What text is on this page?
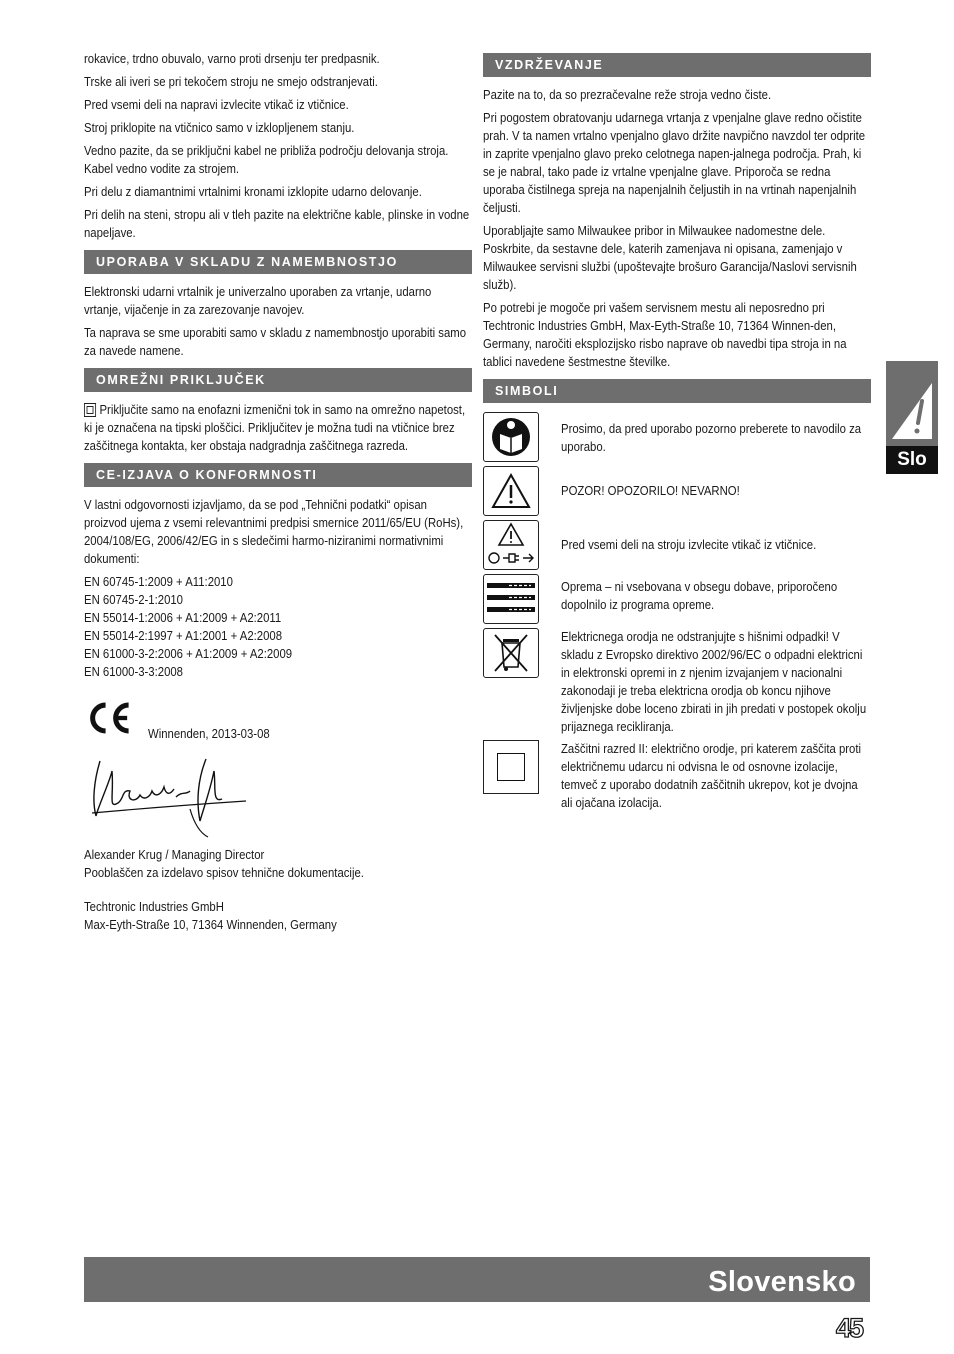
rokavice, trdno obuvalo, varno proti drsenju ter predpasnik.

Trske ali iveri se pri tekočem stroju ne smejo odstranjevati.

Pred vsemi deli na napravi izvlecite vtikač iz vtičnice.

Stroj priklopite na vtičnico samo v izklopljenem stanju.

Vedno pazite, da se priključni kabel ne približa področju delovanja stroja. Kabel vedno vodite za strojem.

Pri delu z diamantnimi vrtalnimi kronami izklopite udarno delovanje.

Pri delih na steni, stropu ali v tleh pazite na električne kable, plinske in vodne napeljave.

UPORABA V SKLADU Z NAMEMBNOSTJO

Elektronski udarni vrtalnik je univerzalno uporaben za vrtanje, udarno vrtanje, vijačenje in za zarezovanje navojev.

Ta naprava se sme uporabiti samo v skladu z namembnostjo uporabiti samo za navede namene.

OMREŽNI PRIKLJUČEK

Priključite samo na enofazni izmenični tok in samo na omrežno napetost, ki je označena na tipski ploščici. Priključitev je možna tudi na vtičnice brez zaščitnega kontakta, ker obstaja nadgradnja zaščitnega razreda.

CE-IZJAVA O KONFORMNOSTI

V lastni odgovornosti izjavljamo, da se pod „Tehnični podatki“ opisan proizvod ujema z vsemi relevantnimi predpisi smernice 2011/65/EU (RoHs), 2004/108/EG, 2006/42/EG in s sledečimi harmo-niziranimi normativnimi dokumenti:

EN 60745-1:2009 + A11:2010

EN 60745-2-1:2010

EN 55014-1:2006 + A1:2009 + A2:2011

EN 55014-2:1997 + A1:2001 + A2:2008

EN 61000-3-2:2006 + A1:2009 + A2:2009

EN 61000-3-3:2008

Winnenden, 2013-03-08

Alexander Krug / Managing Director

Pooblaščen za izdelavo spisov tehnične dokumentacije.

Techtronic Industries GmbH

Max-Eyth-Straße 10, 71364 Winnenden, Germany

VZDRŽEVANJE

Pazite na to, da so prezračevalne reže stroja vedno čiste.

Pri pogostem obratovanju udarnega vrtanja z vpenjalne glave redno očistite prah. V ta namen vrtalno vpenjalno glavo držite navpično navzdol ter odprite in zaprite vpenjalno glavo preko celotnega napen-jalnega področja. Prah, ki se je nabral, tako pade iz vrtalne vpenjalne glave. Priporoča se redna uporaba čistilnega spreja na napenjalnih čeljustih in na vrtinah napenjalnih čeljusti.

Uporabljajte samo Milwaukee pribor in Milwaukee nadomestne dele. Poskrbite, da sestavne dele, katerih zamenjava ni opisana, zamenjajo v Milwaukee servisni službi (upoštevajte brošuro Garancija/Naslovi servisnih služb).

Po potrebi je mogoče pri vašem servisnem mestu ali neposredno pri Techtronic Industries GmbH, Max-Eyth-Straße 10, 71364 Winnen-den, Germany, naročiti eksplozijsko risbo naprave ob navedbi tipa stroja in na tablici navedene šestmestne številke.

SIMBOLI

Prosimo, da pred uporabo pozorno preberete to navodilo za uporabo.

POZOR! OPOZORILO! NEVARNO!

Pred vsemi deli na stroju izvlecite vtikač iz vtičnice.

Oprema – ni vsebovana v obsegu dobave, priporočeno dopolnilo iz programa opreme.

Elektricnega orodja ne odstranjujte s hišnimi odpadki! V skladu z Evropsko direktivo 2002/96/EC o odpadni elektricni in elektronski opremi in z njenim izvajanjem v nacionalni zakonodaji je treba elektricna orodja ob koncu njihove življenjske dobe loceno zbirati in jih predati v postopek okolju prijaznega recikliranja.

Zaščitni razred II: električno orodje, pri katerem zaščita proti električnemu udarcu ni odvisna le od osnovne izolacije, temveč z uporabo dodatnih zaščitnih ukrepov, kot je dvojna ali ojačana izolacija.

Slo
Slovensko
45
